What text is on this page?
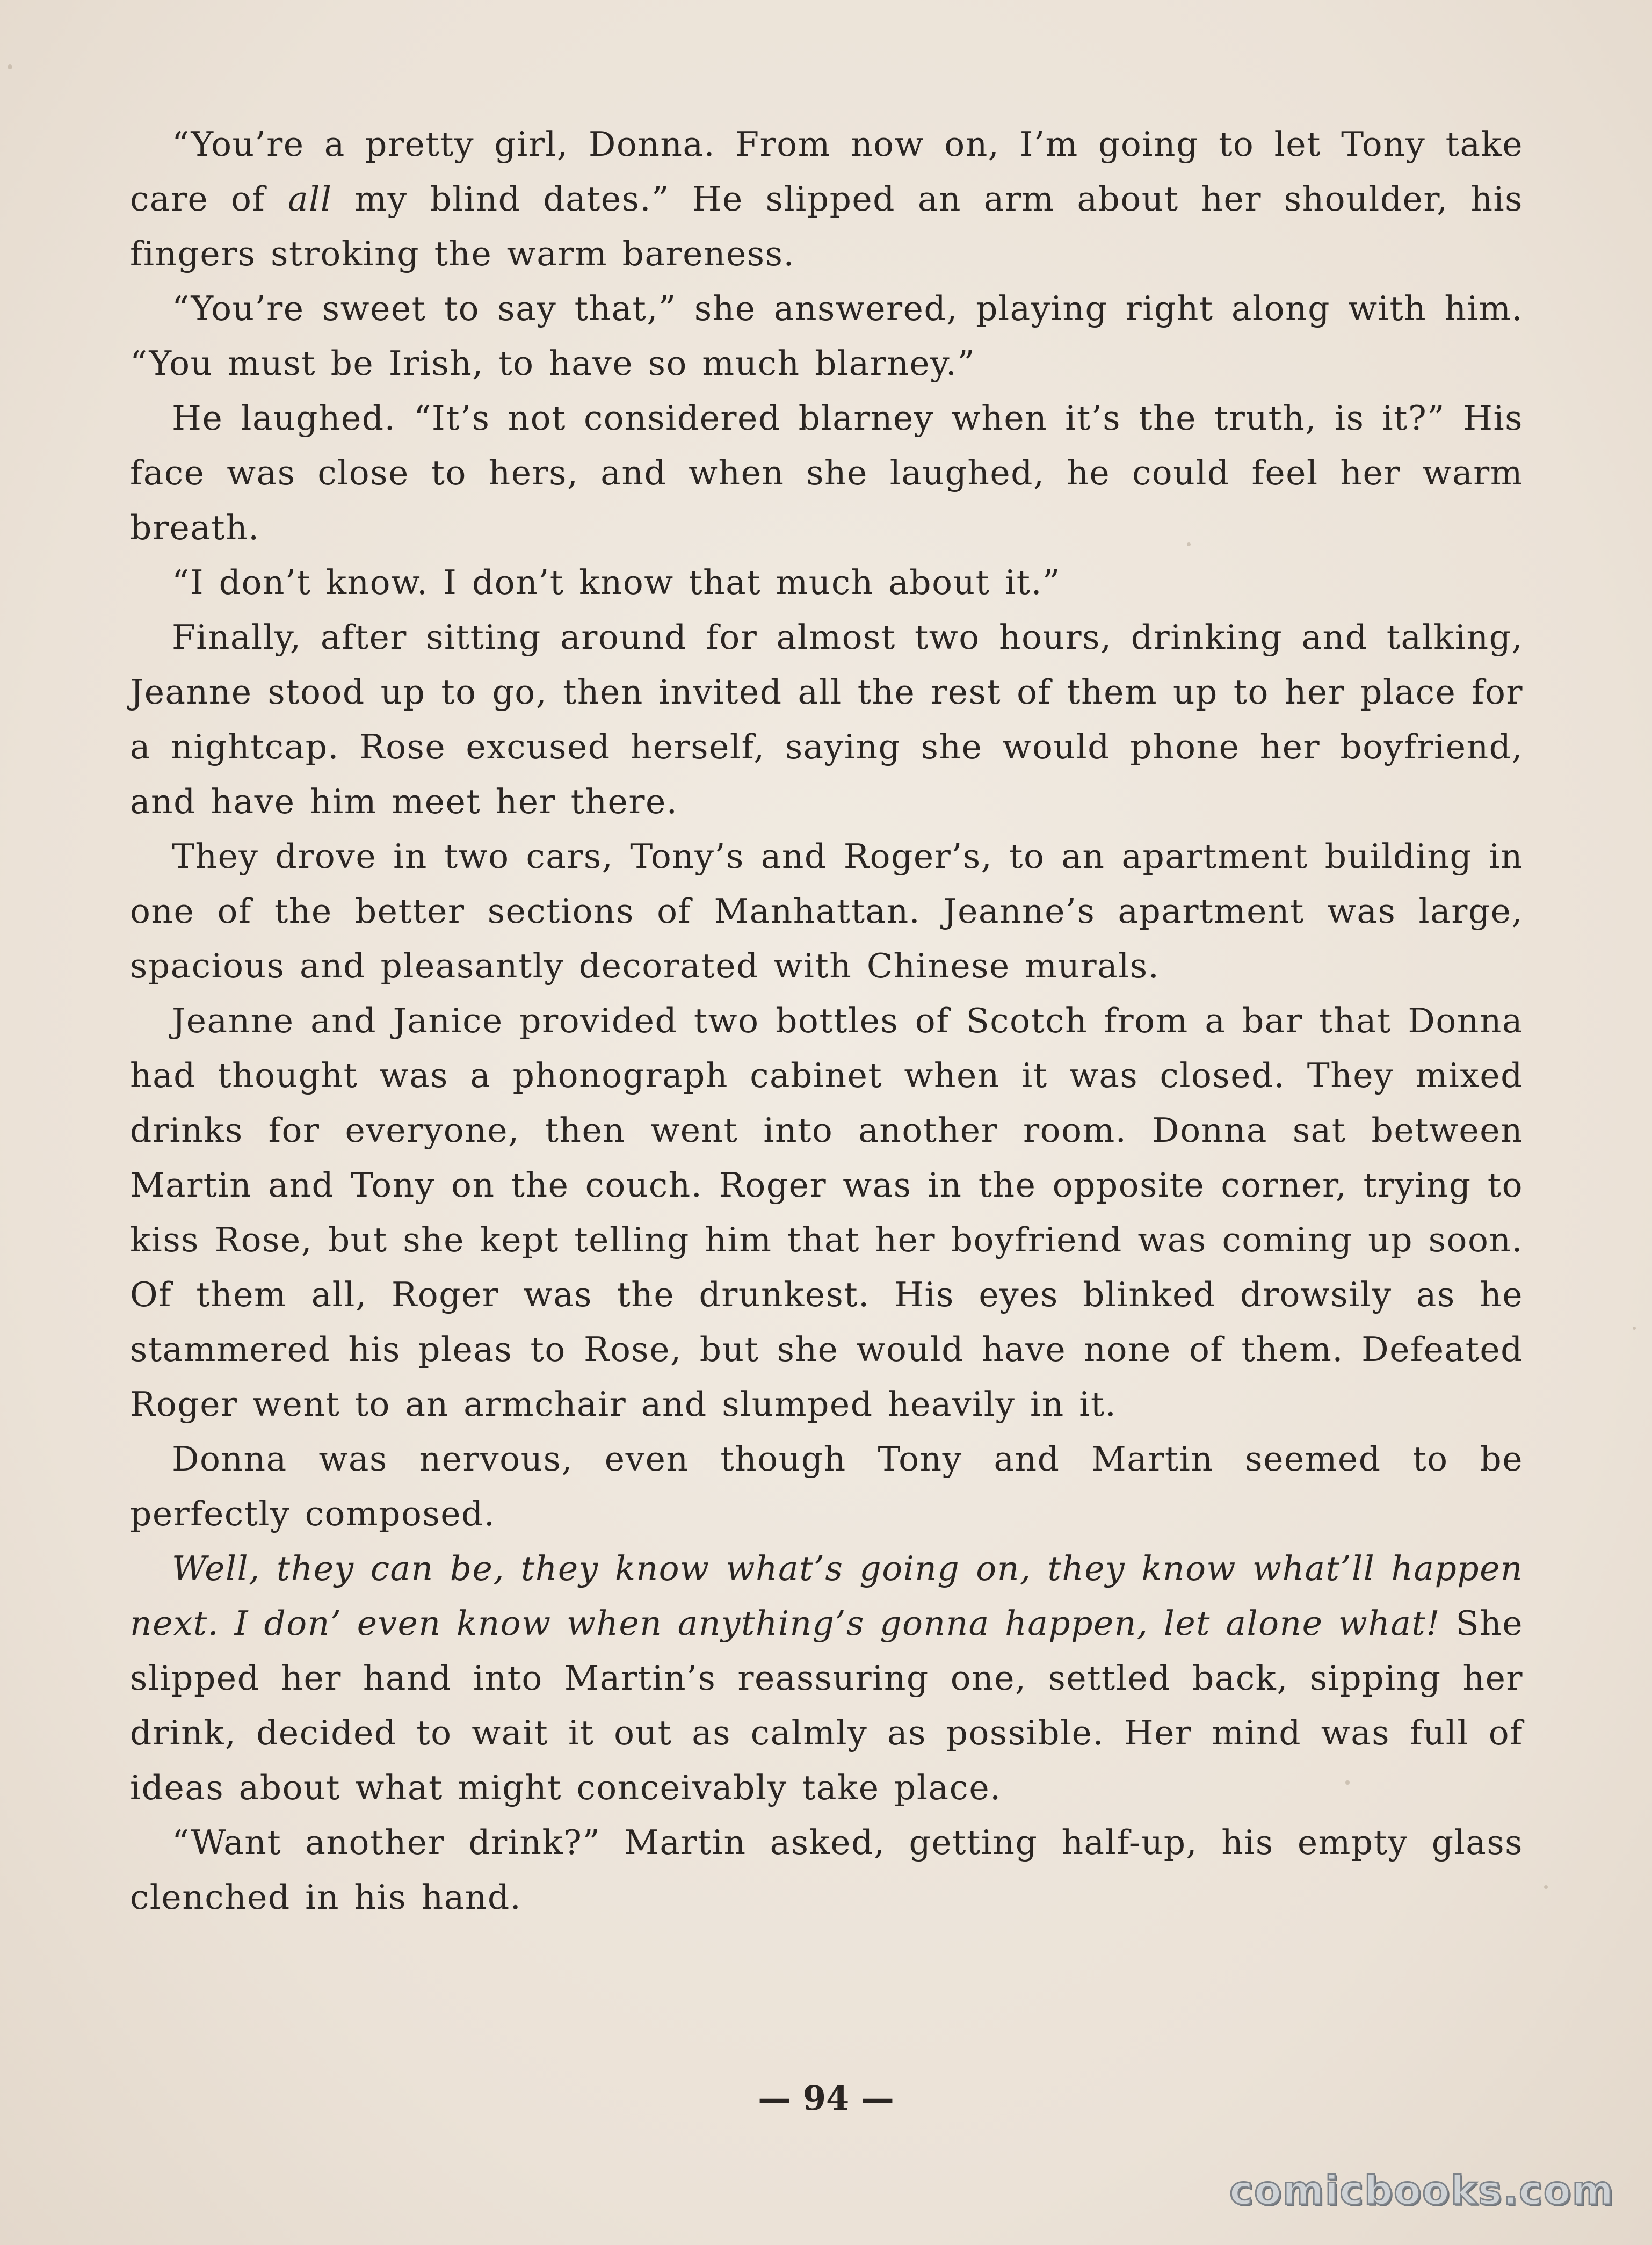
“You’re a pretty girl, Donna. From now on, I’m going to let Tony take care of all my blind dates.” He slipped an arm about her shoulder, his fingers stroking the warm bareness.

“You’re sweet to say that,” she answered, playing right along with him. “You must be Irish, to have so much blarney.”

He laughed. “It’s not considered blarney when it’s the truth, is it?” His face was close to hers, and when she laughed, he could feel her warm breath.

“I don’t know. I don’t know that much about it.”

Finally, after sitting around for almost two hours, drinking and talking, Jeanne stood up to go, then invited all the rest of them up to her place for a nightcap. Rose excused herself, saying she would phone her boyfriend, and have him meet her there.

They drove in two cars, Tony’s and Roger’s, to an apartment building in one of the better sections of Manhattan. Jeanne’s apartment was large, spacious and pleasantly decorated with Chinese murals.

Jeanne and Janice provided two bottles of Scotch from a bar that Donna had thought was a phonograph cabinet when it was closed. They mixed drinks for everyone, then went into another room. Donna sat between Martin and Tony on the couch. Roger was in the opposite corner, trying to kiss Rose, but she kept telling him that her boyfriend was coming up soon. Of them all, Roger was the drunkest. His eyes blinked drowsily as he stammered his pleas to Rose, but she would have none of them. Defeated Roger went to an armchair and slumped heavily in it.

Donna was nervous, even though Tony and Martin seemed to be perfectly composed.

Well, they can be, they know what’s going on, they know what’ll happen next. I don’ even know when anything’s gonna happen, let alone what! She slipped her hand into Martin’s reassuring one, settled back, sipping her drink, decided to wait it out as calmly as possible. Her mind was full of ideas about what might conceivably take place.

“Want another drink?” Martin asked, getting half-up, his empty glass clenched in his hand.

— 94 —
comicbooks.com
